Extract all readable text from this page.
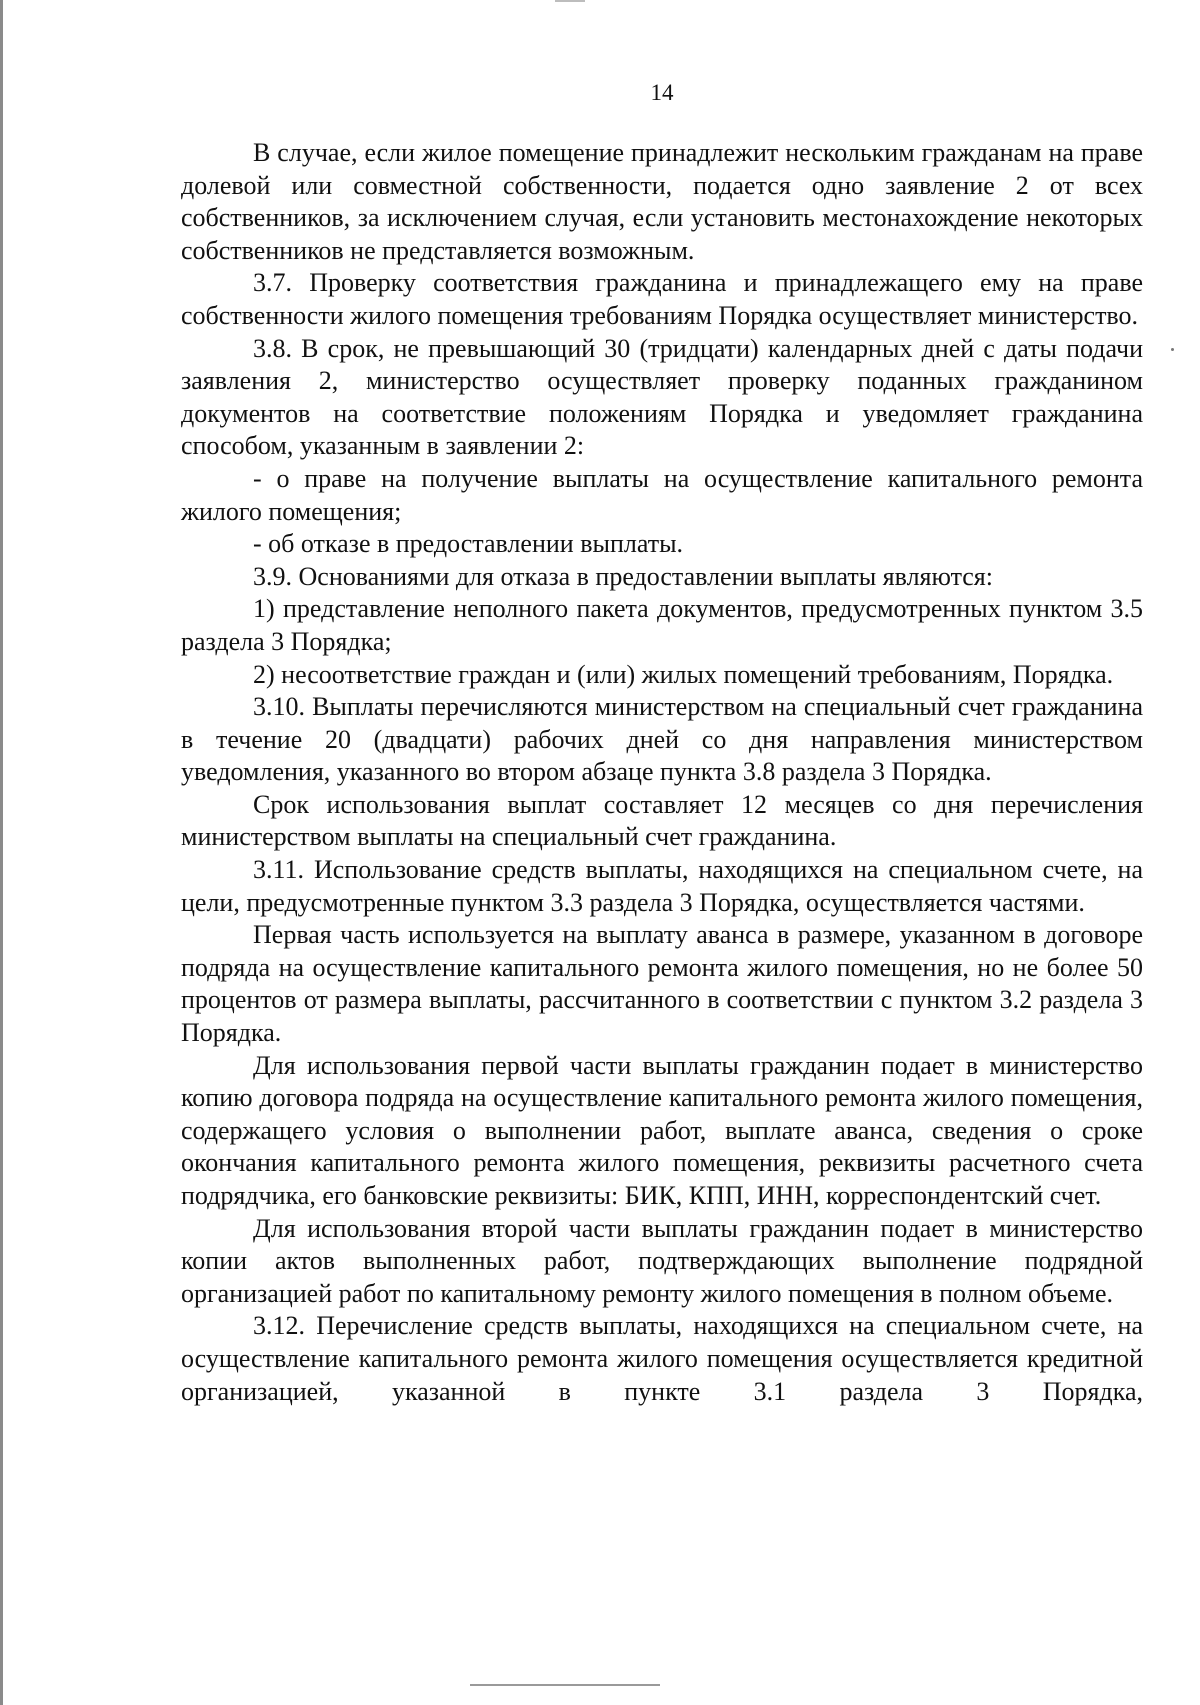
14

В случае, если жилое помещение принадлежит нескольким гражданам на праве долевой или совместной собственности, подается одно заявление 2 от всех собственников, за исключением случая, если установить местонахождение некоторых собственников не представляется возможным.

3.7. Проверку соответствия гражданина и принадлежащего ему на праве собственности жилого помещения требованиям Порядка осуществляет министерство.

3.8. В срок, не превышающий 30 (тридцати) календарных дней с даты подачи заявления 2, министерство осуществляет проверку поданных гражданином документов на соответствие положениям Порядка и уведомляет гражданина способом, указанным в заявлении 2:

- о праве на получение выплаты на осуществление капитального ремонта жилого помещения;

- об отказе в предоставлении выплаты.

3.9. Основаниями для отказа в предоставлении выплаты являются:

1) представление неполного пакета документов, предусмотренных пунктом 3.5 раздела 3 Порядка;

2) несоответствие граждан и (или) жилых помещений требованиям, Порядка.

3.10. Выплаты перечисляются министерством на специальный счет гражданина в течение 20 (двадцати) рабочих дней со дня направления министерством уведомления, указанного во втором абзаце пункта 3.8 раздела 3 Порядка.

Срок использования выплат составляет 12 месяцев со дня перечисления министерством выплаты на специальный счет гражданина.

3.11. Использование средств выплаты, находящихся на специальном счете, на цели, предусмотренные пунктом 3.3 раздела 3 Порядка, осуществляется частями.

Первая часть используется на выплату аванса в размере, указанном в договоре подряда на осуществление капитального ремонта жилого помещения, но не более 50 процентов от размера выплаты, рассчитанного в соответствии с пунктом 3.2 раздела 3 Порядка.

Для использования первой части выплаты гражданин подает в министерство копию договора подряда на осуществление капитального ремонта жилого помещения, содержащего условия о выполнении работ, выплате аванса, сведения о сроке окончания капитального ремонта жилого помещения, реквизиты расчетного счета подрядчика, его банковские реквизиты: БИК, КПП, ИНН, корреспондентский счет.

Для использования второй части выплаты гражданин подает в министерство копии актов выполненных работ, подтверждающих выполнение подрядной организацией работ по капитальному ремонту жилого помещения в полном объеме.

3.12. Перечисление средств выплаты, находящихся на специальном счете, на осуществление капитального ремонта жилого помещения осуществляется кредитной организацией, указанной в пункте 3.1 раздела 3 Порядка,
